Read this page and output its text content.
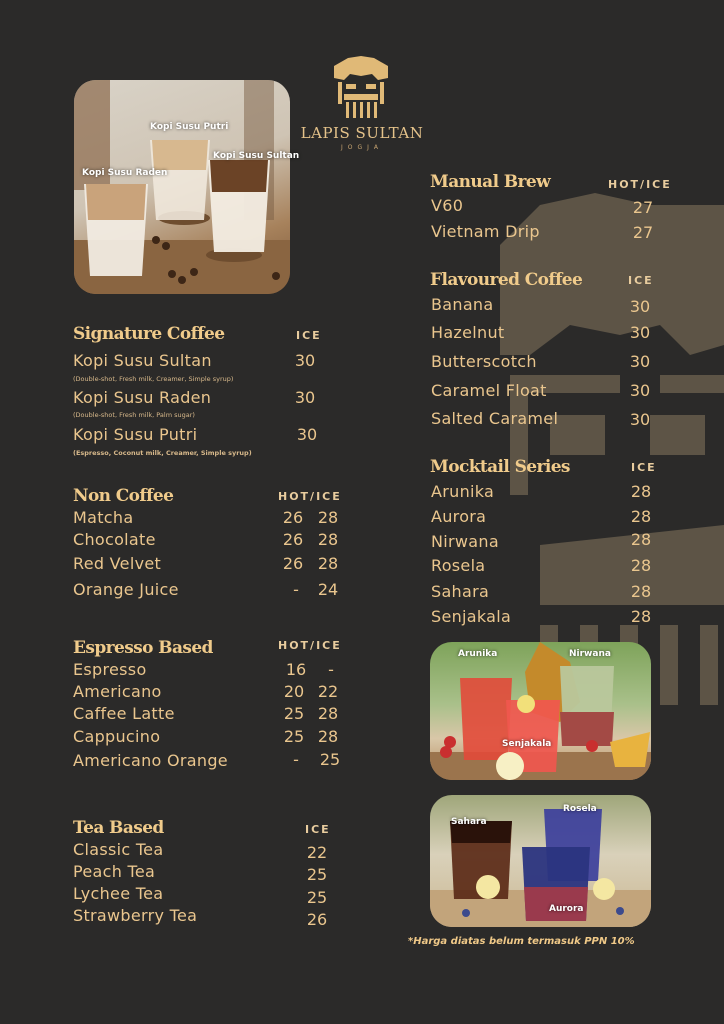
LAPIS SULTAN
JOGJA
Kopi Susu Putri
Kopi Susu Raden
Kopi Susu Sultan
Signature Coffee	ICE
Kopi Susu Sultan	30
(Double-shot, Fresh milk, Creamer, Simple syrup)
Kopi Susu Raden	30
(Double-shot, Fresh milk, Palm sugar)
Kopi Susu Putri	30
(Espresso, Coconut milk, Creamer, Simple syrup)
Non Coffee	HOT/ICE
Matcha	26 28
Chocolate	26 28
Red Velvet	26 28
Orange Juice	-	24
Espresso Based	HOT/ICE
Espresso	16	-
Americano	20 22
Caffee Latte	25 28
Cappucino	25 28
Americano Orange	-	25
Tea Based	ICE
Classic Tea	22
Peach Tea	25
Lychee Tea	25
Strawberry Tea	26
Manual Brew	HOT/ICE
V60	27
Vietnam Drip	27
Flavoured Coffee	ICE
Banana	30
Hazelnut	30
Butterscotch	30
Caramel Float	30
Salted Caramel	30
Mocktail Series	ICE
Arunika	28
Aurora	28
Nirwana	28
Rosela	28
Sahara	28
Senjakala	28
Arunika	Nirwana
Senjakala
Sahara
Rosela
Aurora
*Harga diatas belum termasuk PPN 10%
